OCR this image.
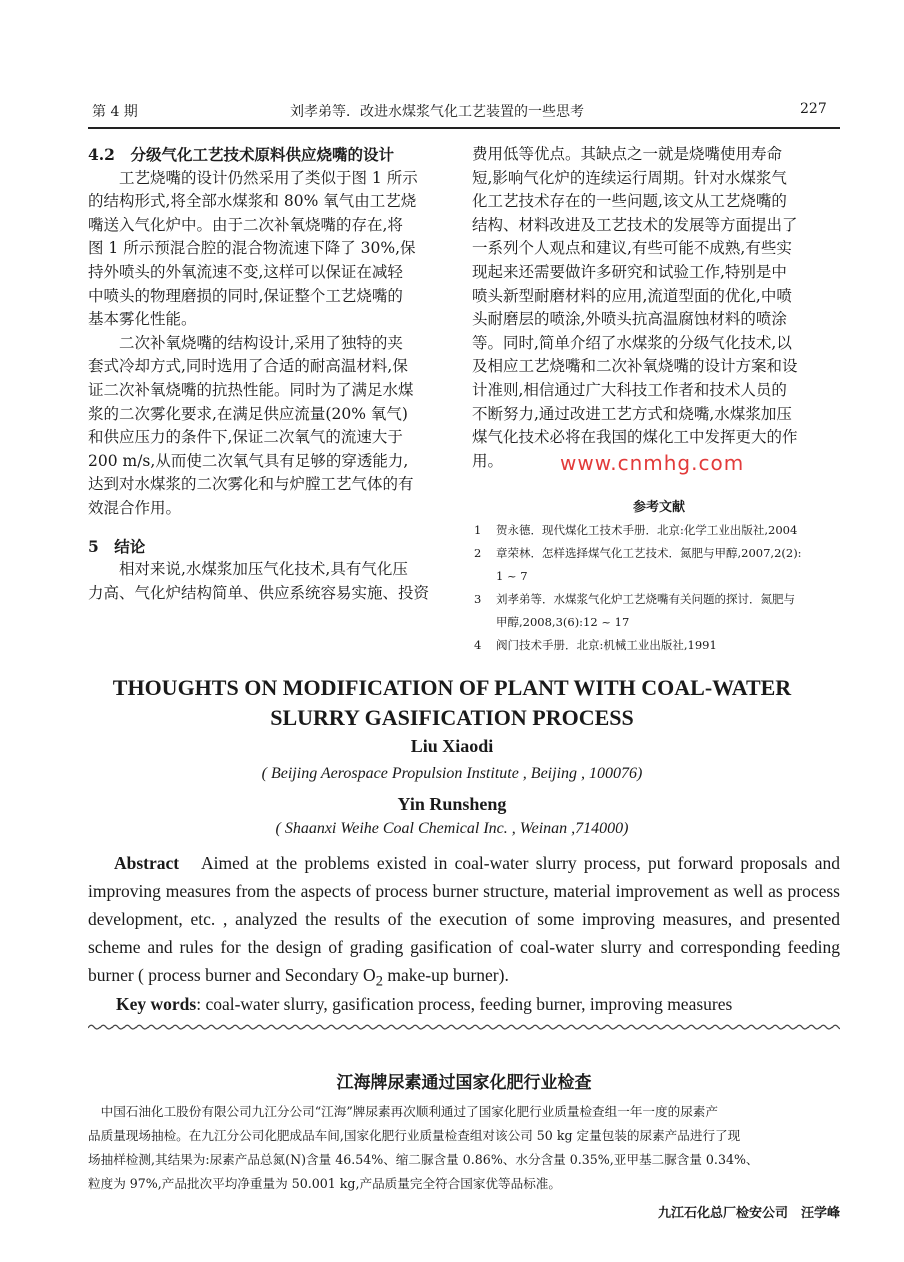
第 4 期	刘孝弟等．改进水煤浆气化工艺装置的一些思考	227
4.2　分级气化工艺技术原料供应烧嘴的设计
工艺烧嘴的设计仍然采用了类似于图 1 所示
的结构形式,将全部水煤浆和 80% 氧气由工艺烧
嘴送入气化炉中。由于二次补氧烧嘴的存在,将
图 1 所示预混合腔的混合物流速下降了 30%,保
持外喷头的外氧流速不变,这样可以保证在减轻
中喷头的物理磨损的同时,保证整个工艺烧嘴的
基本雾化性能。
二次补氧烧嘴的结构设计,采用了独特的夹
套式冷却方式,同时选用了合适的耐高温材料,保
证二次补氧烧嘴的抗热性能。同时为了满足水煤
浆的二次雾化要求,在满足供应流量(20% 氧气)
和供应压力的条件下,保证二次氧气的流速大于
200 m/s,从而使二次氧气具有足够的穿透能力,
达到对水煤浆的二次雾化和与炉膛工艺气体的有
效混合作用。
5　结论
相对来说,水煤浆加压气化技术,具有气化压
力高、气化炉结构简单、供应系统容易实施、投资
费用低等优点。其缺点之一就是烧嘴使用寿命
短,影响气化炉的连续运行周期。针对水煤浆气
化工艺技术存在的一些问题,该文从工艺烧嘴的
结构、材料改进及工艺技术的发展等方面提出了
一系列个人观点和建议,有些可能不成熟,有些实
现起来还需要做许多研究和试验工作,特别是中
喷头新型耐磨材料的应用,流道型面的优化,中喷
头耐磨层的喷涂,外喷头抗高温腐蚀材料的喷涂
等。同时,简单介绍了水煤浆的分级气化技术,以
及相应工艺烧嘴和二次补氧烧嘴的设计方案和设
计准则,相信通过广大科技工作者和技术人员的
不断努力,通过改进工艺方式和烧嘴,水煤浆加压
煤气化技术必将在我国的煤化工中发挥更大的作
用。
参考文献
1	贺永德．现代煤化工技术手册．北京:化学工业出版社,2004
2	章荣林．怎样选择煤气化工艺技术．氮肥与甲醇,2007,2(2):
1 ~ 7
3	刘孝弟等．水煤浆气化炉工艺烧嘴有关问题的探讨．氮肥与
甲醇,2008,3(6):12 ~ 17
4	阀门技术手册．北京:机械工业出版社,1991
THOUGHTS ON MODIFICATION OF PLANT WITH COAL-WATER
SLURRY GASIFICATION PROCESS
Liu Xiaodi
( Beijing Aerospace Propulsion Institute , Beijing , 100076)
Yin Runsheng
( Shaanxi Weihe Coal Chemical Inc. , Weinan ,714000)
Abstract Aimed at the problems existed in coal-water slurry process, put forward proposals and improving measures from the aspects of process burner structure, material improvement as well as process development, etc. , analyzed the results of the execution of some improving measures, and presented scheme and rules for the design of grading gasification of coal-water slurry and corresponding feeding burner ( process burner and Secondary $O_2$ make-up burner).
Key words: coal-water slurry, gasification process, feeding burner, improving measures
江海牌尿素通过国家化肥行业检查
　中国石油化工股份有限公司九江分公司“江海”牌尿素再次顺利通过了国家化肥行业质量检查组一年一度的尿素产
品质量现场抽检。在九江分公司化肥成品车间,国家化肥行业质量检查组对该公司 50 kg 定量包装的尿素产品进行了现
场抽样检测,其结果为:尿素产品总氮(N)含量 46.54%、缩二脲含量 0.86%、水分含量 0.35%,亚甲基二脲含量 0.34%、
粒度为 97%,产品批次平均净重量为 50.001 kg,产品质量完全符合国家优等品标准。
九江石化总厂检安公司　汪学峰
www.cnmhg.com
